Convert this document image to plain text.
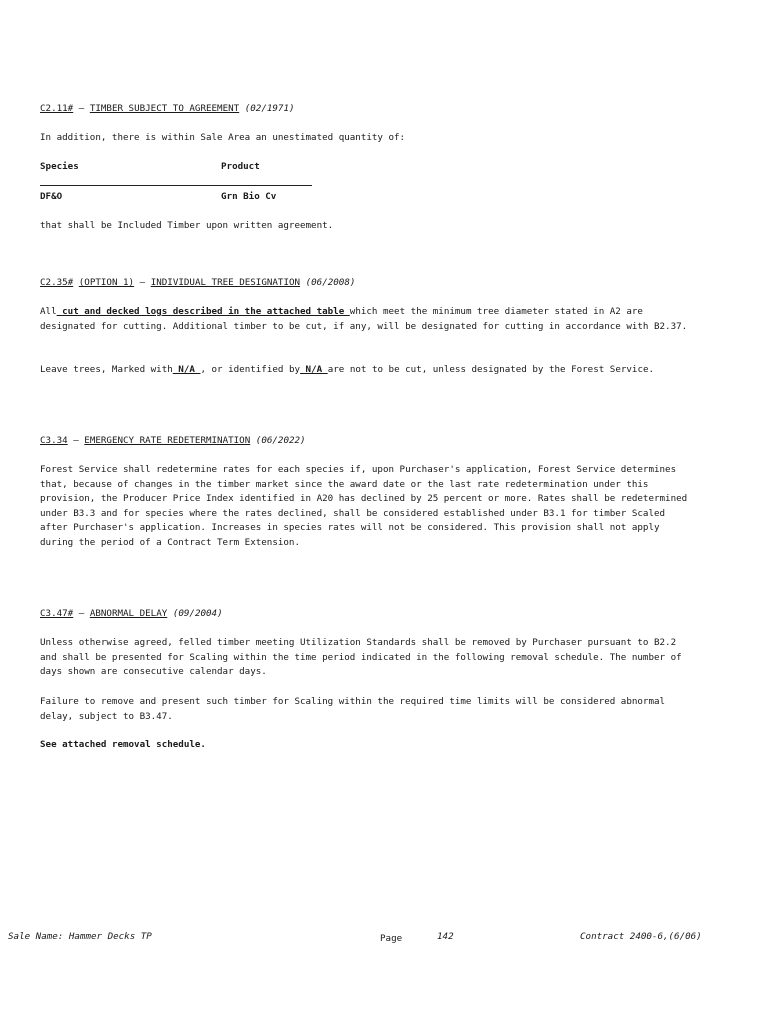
C2.11# – TIMBER SUBJECT TO AGREEMENT (02/1971)
In addition, there is within Sale Area an unestimated quantity of:
Species	Product
DF&O	Grn Bio Cv
that shall be Included Timber upon written agreement.
C2.35# (OPTION 1) – INDIVIDUAL TREE DESIGNATION (06/2008)

All cut and decked logs described in the attached table which meet the minimum tree diameter stated in A2 are designated for cutting. Additional timber to be cut, if any, will be designated for cutting in accordance with B2.37.

Leave trees, Marked with N/A , or identified by N/A are not to be cut, unless designated by the Forest Service.

C3.34 – EMERGENCY RATE REDETERMINATION (06/2022)

Forest Service shall redetermine rates for each species if, upon Purchaser's application, Forest Service determines that, because of changes in the timber market since the award date or the last rate redetermination under this provision, the Producer Price Index identified in A20 has declined by 25 percent or more. Rates shall be redetermined under B3.3 and for species where the rates declined, shall be considered established under B3.1 for timber Scaled after Purchaser's application. Increases in species rates will not be considered. This provision shall not apply during the period of a Contract Term Extension.

C3.47# – ABNORMAL DELAY (09/2004)

Unless otherwise agreed, felled timber meeting Utilization Standards shall be removed by Purchaser pursuant to B2.2 and shall be presented for Scaling within the time period indicated in the following removal schedule. The number of days shown are consecutive calendar days.

Failure to remove and present such timber for Scaling within the required time limits will be considered abnormal delay, subject to B3.47.

See attached removal schedule.

Sale Name: Hammer Decks TP	Page	142	Contract 2400-6,(6/06)
